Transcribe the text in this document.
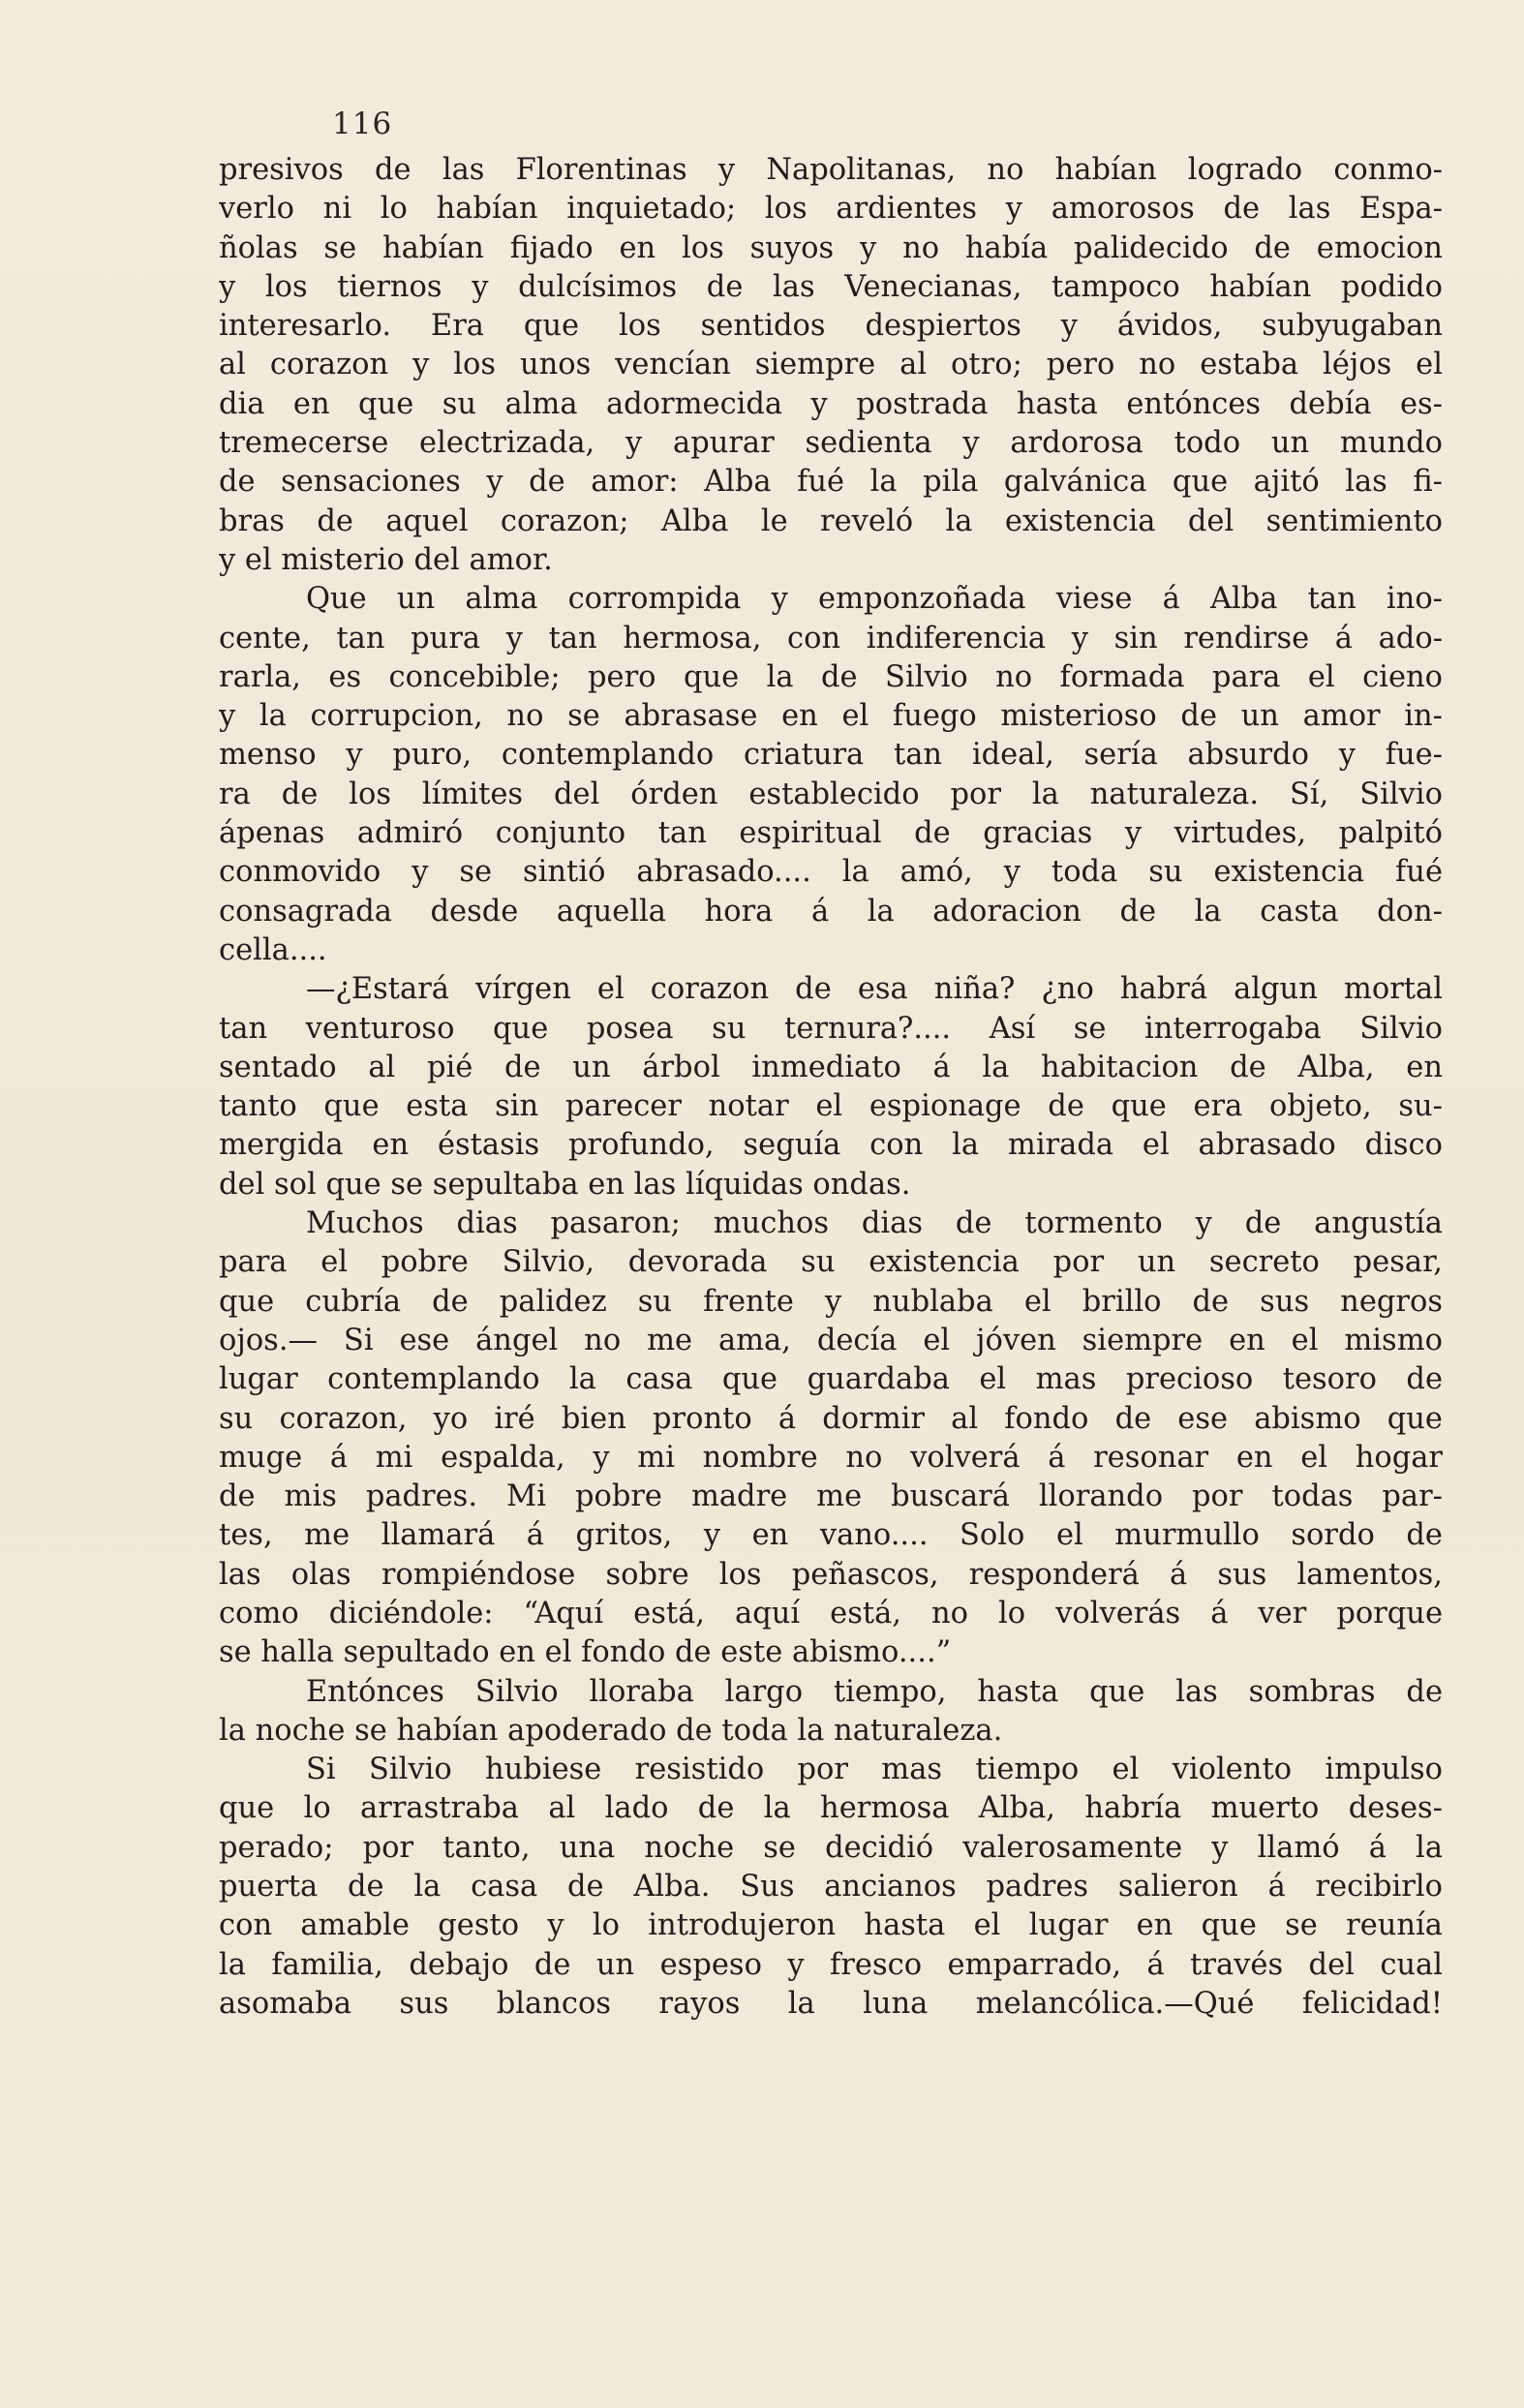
116
presivos de las Florentinas y Napolitanas, no habían logrado conmo-
verlo ni lo habían inquietado; los ardientes y amorosos de las Espa-
ñolas se habían fijado en los suyos y no había palidecido de emocion
y los tiernos y dulcísimos de las Venecianas, tampoco habían podido
interesarlo. Era que los sentidos despiertos y ávidos, subyugaban
al corazon y los unos vencían siempre al otro; pero no estaba léjos el
dia en que su alma adormecida y postrada hasta entónces debía es-
tremecerse electrizada, y apurar sedienta y ardorosa todo un mundo
de sensaciones y de amor: Alba fué la pila galvánica que ajitó las fi-
bras de aquel corazon; Alba le reveló la existencia del sentimiento
y el misterio del amor.
Que un alma corrompida y emponzoñada viese á Alba tan ino-
cente, tan pura y tan hermosa, con indiferencia y sin rendirse á ado-
rarla, es concebible; pero que la de Silvio no formada para el cieno
y la corrupcion, no se abrasase en el fuego misterioso de un amor in-
menso y puro, contemplando criatura tan ideal, sería absurdo y fue-
ra de los límites del órden establecido por la naturaleza. Sí, Silvio
ápenas admiró conjunto tan espiritual de gracias y virtudes, palpitó
conmovido y se sintió abrasado.... la amó, y toda su existencia fué
consagrada desde aquella hora á la adoracion de la casta don-
cella....
—¿Estará vírgen el corazon de esa niña? ¿no habrá algun mortal
tan venturoso que posea su ternura?.... Así se interrogaba Silvio
sentado al pié de un árbol inmediato á la habitacion de Alba, en
tanto que esta sin parecer notar el espionage de que era objeto, su-
mergida en éstasis profundo, seguía con la mirada el abrasado disco
del sol que se sepultaba en las líquidas ondas.
Muchos dias pasaron; muchos dias de tormento y de angustía
para el pobre Silvio, devorada su existencia por un secreto pesar,
que cubría de palidez su frente y nublaba el brillo de sus negros
ojos.— Si ese ángel no me ama, decía el jóven siempre en el mismo
lugar contemplando la casa que guardaba el mas precioso tesoro de
su corazon, yo iré bien pronto á dormir al fondo de ese abismo que
muge á mi espalda, y mi nombre no volverá á resonar en el hogar
de mis padres. Mi pobre madre me buscará llorando por todas par-
tes, me llamará á gritos, y en vano.... Solo el murmullo sordo de
las olas rompiéndose sobre los peñascos, responderá á sus lamentos,
como diciéndole: “Aquí está, aquí está, no lo volverás á ver porque
se halla sepultado en el fondo de este abismo....”
Entónces Silvio lloraba largo tiempo, hasta que las sombras de
la noche se habían apoderado de toda la naturaleza.
Si Silvio hubiese resistido por mas tiempo el violento impulso
que lo arrastraba al lado de la hermosa Alba, habría muerto deses-
perado; por tanto, una noche se decidió valerosamente y llamó á la
puerta de la casa de Alba. Sus ancianos padres salieron á recibirlo
con amable gesto y lo introdujeron hasta el lugar en que se reunía
la familia, debajo de un espeso y fresco emparrado, á través del cual
asomaba sus blancos rayos la luna melancólica.—Qué felicidad!
